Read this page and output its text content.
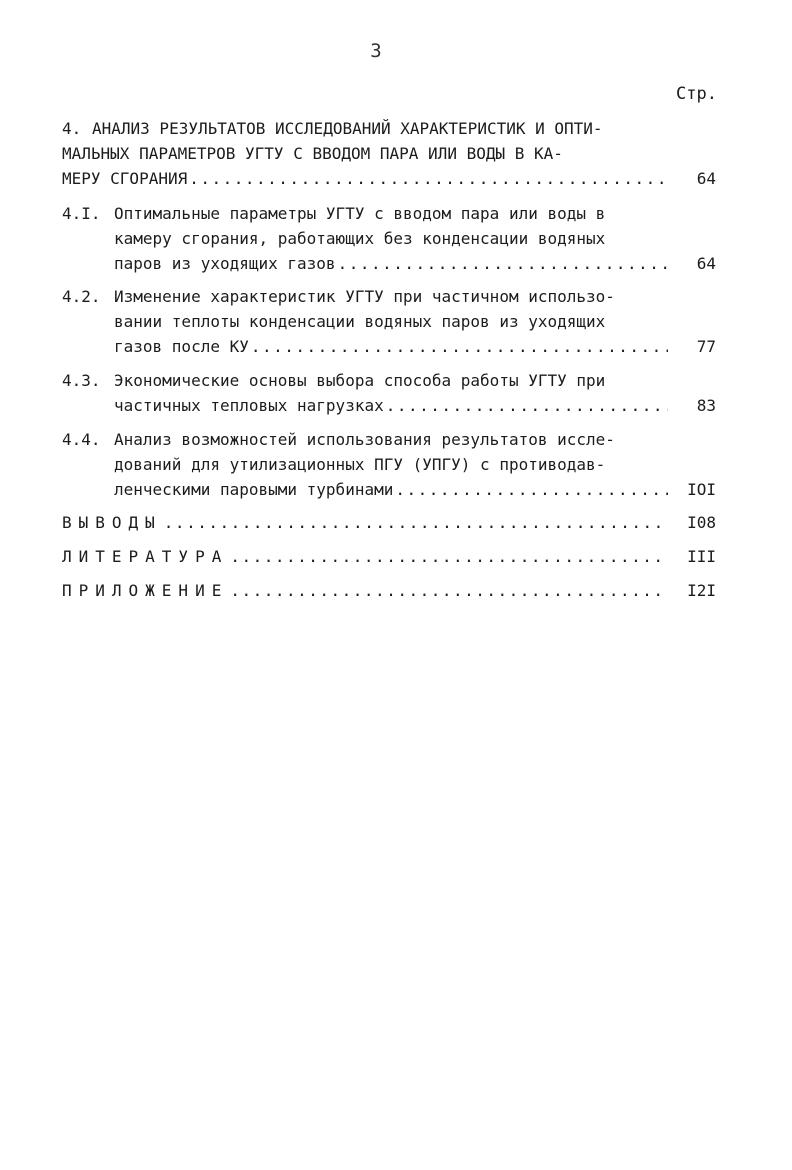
3
Стр.
4. АНАЛИЗ РЕЗУЛЬТАТОВ ИССЛЕДОВАНИЙ ХАРАКТЕРИСТИК И ОПТИ-
МАЛЬНЫХ ПАРАМЕТРОВ УГТУ С ВВОДОМ ПАРА ИЛИ ВОДЫ В КА-
МЕРУ СГОРАНИЯ .....	64
4.I. Оптимальные параметры УГТУ с вводом пара или воды в
камеру сгорания, работающих без конденсации водяных
паров из уходящих газов .....	64
4.2. Изменение характеристик УГТУ при частичном использо-
вании теплоты конденсации водяных паров из уходящих
газов после КУ .....	77
4.3. Экономические основы выбора способа работы УГТУ при
частичных тепловых нагрузках .....	83
4.4. Анализ возможностей использования результатов иссле-
дований для утилизационных ПГУ (УПГУ) с противодав-
ленческими паровыми турбинами .....	IOI
ВЫВОДЫ .....	I08
ЛИТЕРАТУРА .....	III
ПРИЛОЖЕНИЕ .....	I2I
